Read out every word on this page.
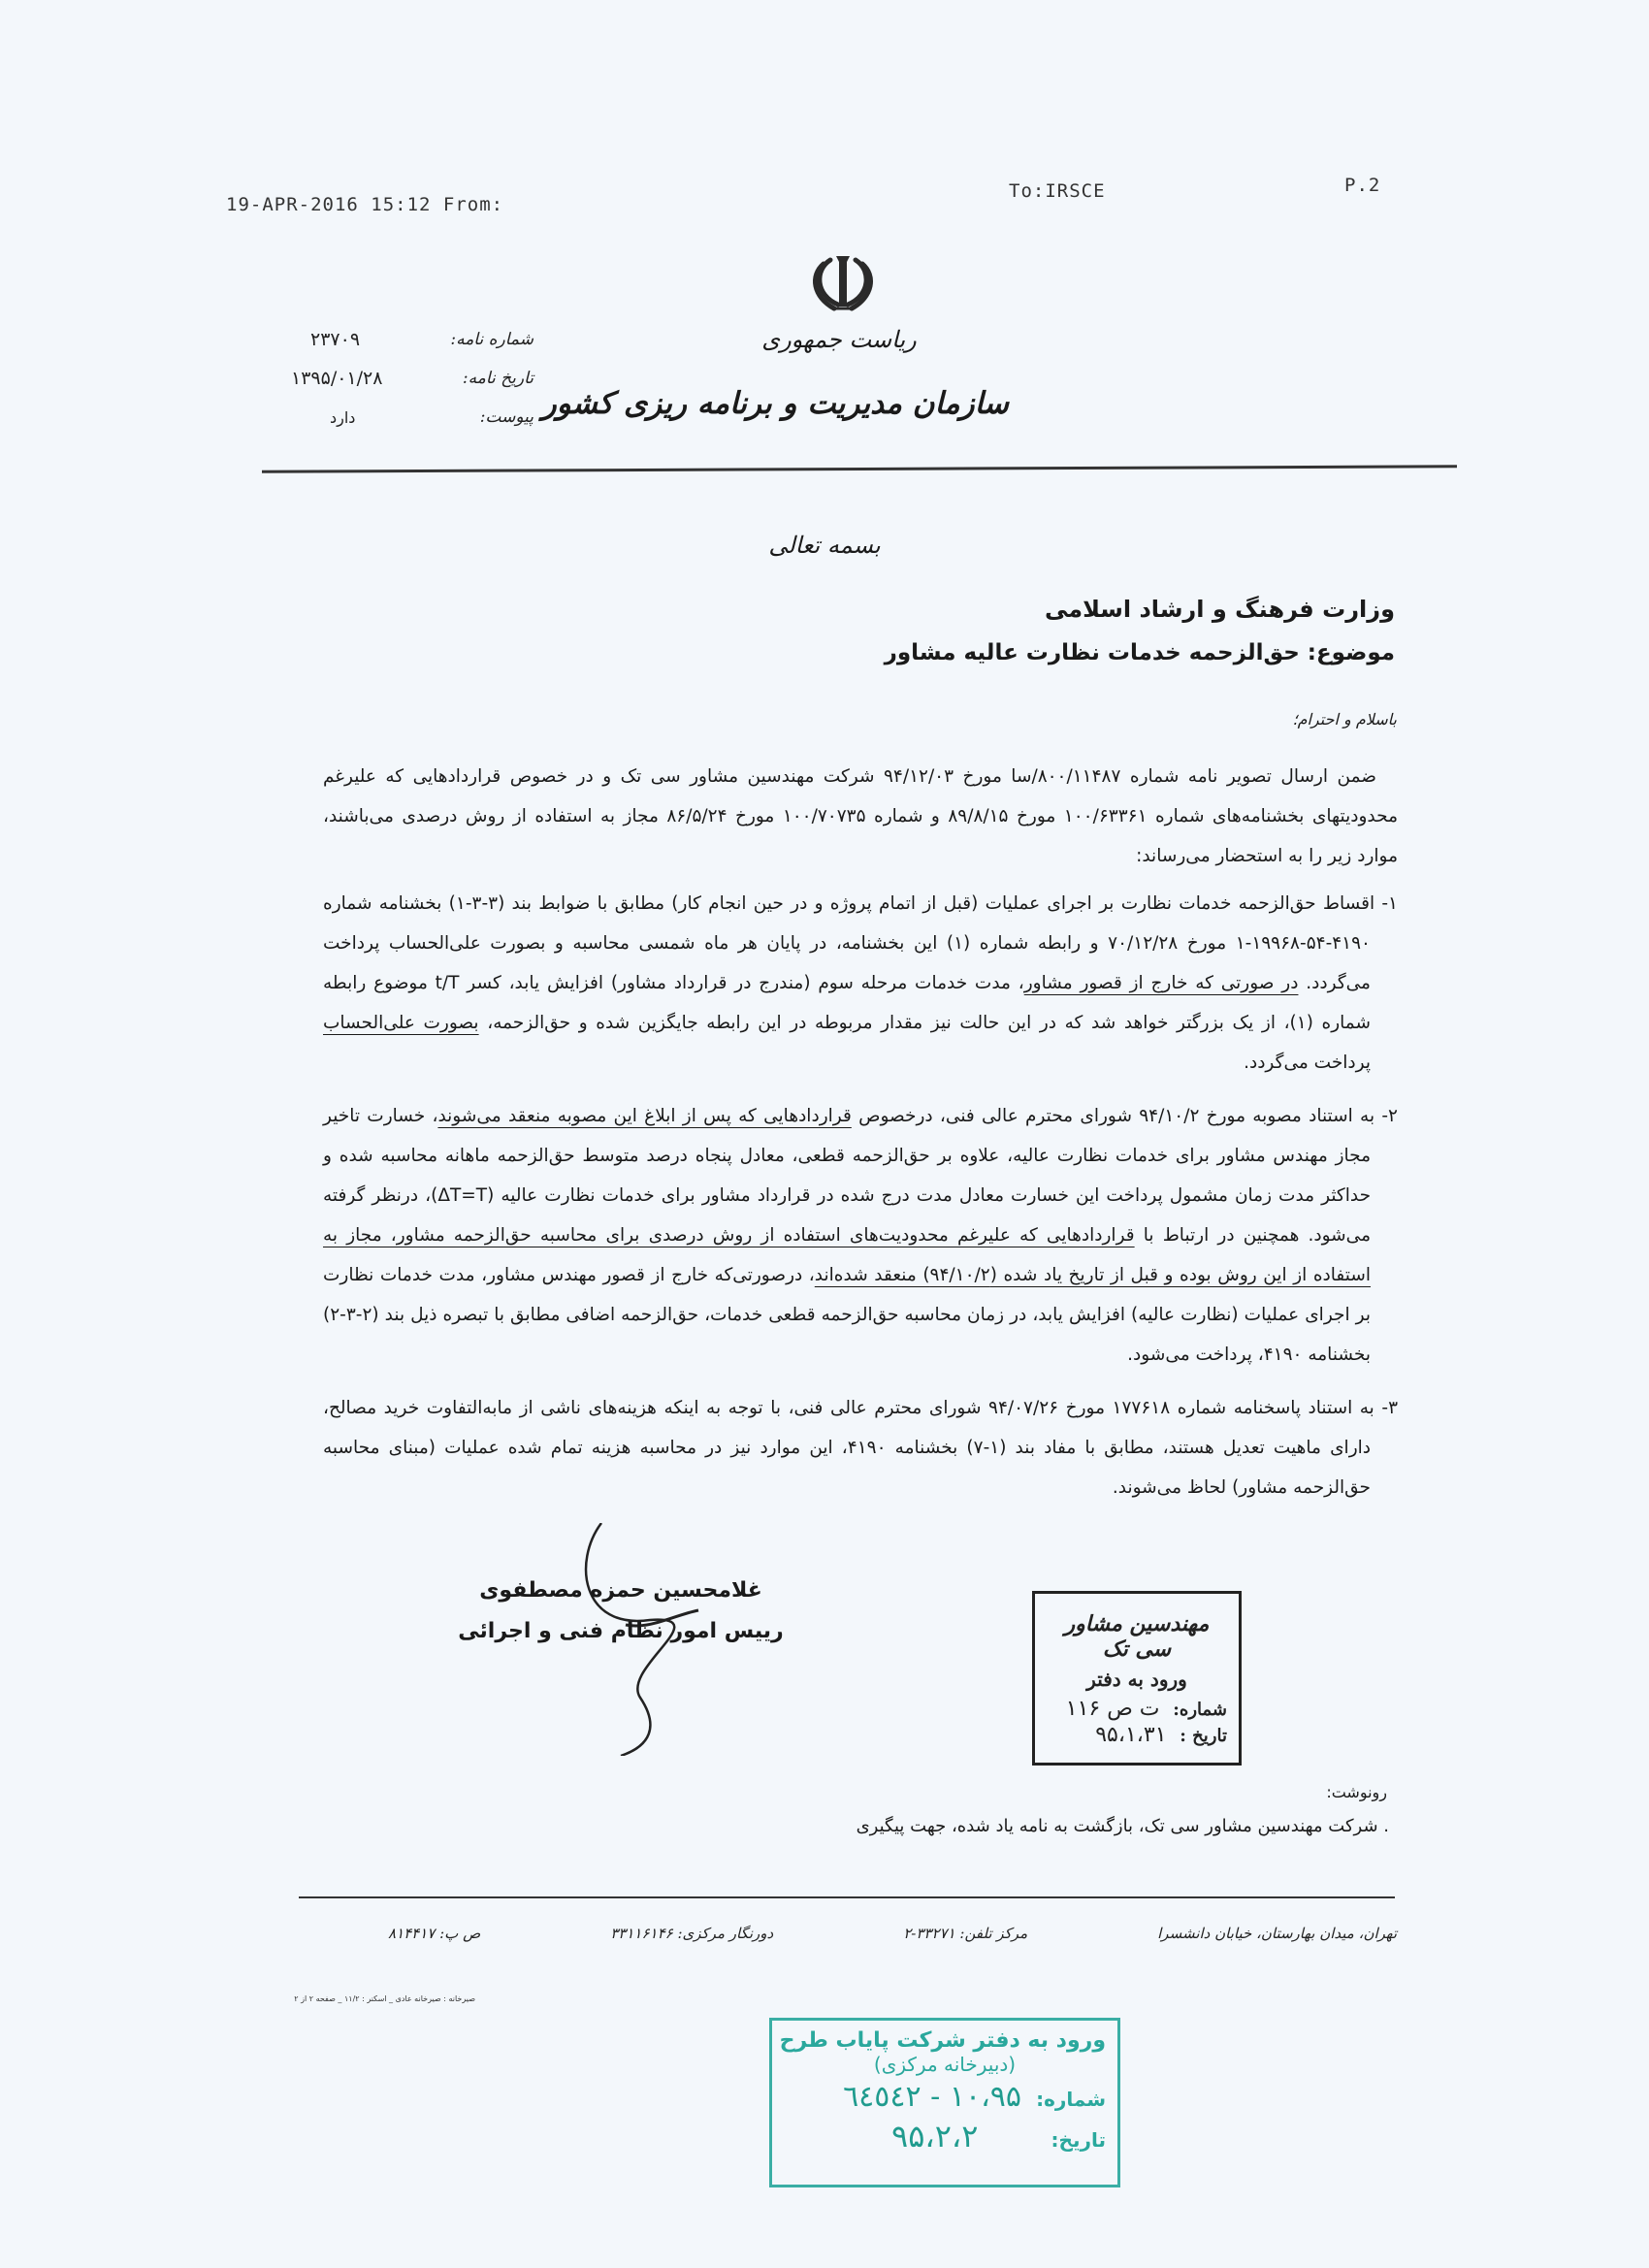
19-APR-2016 15:12 From:
To:IRSCE	P.2
ریاست جمهوری
سازمان مدیریت و برنامه ریزی کشور
۲۳۷۰۹	شماره نامه:
۱۳۹۵/۰۱/۲۸	تاریخ نامه:
دارد	پیوست:
بسمه تعالی
وزارت فرهنگ و ارشاد اسلامی
موضوع: حق‌الزحمه خدمات نظارت عالیه مشاور
باسلام و احترام؛

ضمن ارسال تصویر نامه شماره ۸۰۰/۱۱۴۸۷/سا مورخ ۹۴/۱۲/۰۳ شرکت مهندسین مشاور سی تک و در خصوص قراردادهایی که علیرغم محدودیتهای بخشنامه‌های شماره ۱۰۰/۶۳۳۶۱ مورخ ۸۹/۸/۱۵ و شماره ۱۰۰/۷۰۷۳۵ مورخ ۸۶/۵/۲۴ مجاز به استفاده از روش درصدی می‌باشند، موارد زیر را به استحضار می‌رساند:

۱- اقساط حق‌الزحمه خدمات نظارت بر اجرای عملیات (قبل از اتمام پروژه و در حین انجام کار) مطابق با ضوابط بند (۳-۳-۱) بخشنامه شماره ۴۱۹۰-۵۴-۱۹۹۶۸-۱ مورخ ۷۰/۱۲/۲۸ و رابطه شماره (۱) این بخشنامه، در پایان هر ماه شمسی محاسبه و بصورت علی‌الحساب پرداخت می‌گردد. در صورتی که خارج از قصور مشاور، مدت خدمات مرحله سوم (مندرج در قرارداد مشاور) افزایش یابد، کسر t/T موضوع رابطه شماره (۱)، از یک بزرگتر خواهد شد که در این حالت نیز مقدار مربوطه در این رابطه جایگزین شده و حق‌الزحمه، بصورت علی‌الحساب پرداخت می‌گردد.

۲- به استناد مصوبه مورخ ۹۴/۱۰/۲ شورای محترم عالی فنی، درخصوص قراردادهایی که پس از ابلاغ این مصوبه منعقد می‌شوند، خسارت تاخیر مجاز مهندس مشاور برای خدمات نظارت عالیه، علاوه بر حق‌الزحمه قطعی، معادل پنجاه درصد متوسط حق‌الزحمه ماهانه محاسبه شده و حداکثر مدت زمان مشمول پرداخت این خسارت معادل مدت درج شده در قرارداد مشاور برای خدمات نظارت عالیه (ΔT=T)، درنظر گرفته می‌شود. همچنین در ارتباط با قراردادهایی که علیرغم محدودیت‌های استفاده از روش درصدی برای محاسبه حق‌الزحمه مشاور، مجاز به استفاده از این روش بوده و قبل از تاریخ یاد شده (۹۴/۱۰/۲) منعقد شده‌اند، درصورتی‌که خارج از قصور مهندس مشاور، مدت خدمات نظارت بر اجرای عملیات (نظارت عالیه) افزایش یابد، در زمان محاسبه حق‌الزحمه قطعی خدمات، حق‌الزحمه اضافی مطابق با تبصره ذیل بند (۲-۳-۲) بخشنامه ۴۱۹۰، پرداخت می‌شود.

۳- به استناد پاسخنامه شماره ۱۷۷۶۱۸ مورخ ۹۴/۰۷/۲۶ شورای محترم عالی فنی، با توجه به اینکه هزینه‌های ناشی از مابه‌التفاوت خرید مصالح، دارای ماهیت تعدیل هستند، مطابق با مفاد بند (۱-۷) بخشنامه ۴۱۹۰، این موارد نیز در محاسبه هزینه تمام شده عملیات (مبنای محاسبه حق‌الزحمه مشاور) لحاظ می‌شوند.

غلامحسین حمزه مصطفوی
رییس امور نظام فنی و اجرائی	مهندسین مشاور سی تک
ورود به دفتر
شماره: ت ص ۱۱۶
تاریخ : ۹۵،۱،۳۱
رونوشت:
. شرکت مهندسین مشاور سی تک، بازگشت به نامه یاد شده، جهت پیگیری
تهران، میدان بهارستان، خیابان دانشسرا
مرکز تلفن: ۳۳۲۷۱-۲
دورنگار مرکزی: ۳۳۱۱۶۱۴۶
ص پ: ۸۱۴۴۱۷
صیرخانه : صیرخانه عادی _ اسکنر : ۱۱/۲ _ صفحه ۲ از ۲
ورود به دفتر شرکت پایاب طرح
(دبیرخانه مرکزی)
شماره: ۱۰،۹۵ - ٦٤٥٤٢
تاریخ: ۹۵،۲،۲
